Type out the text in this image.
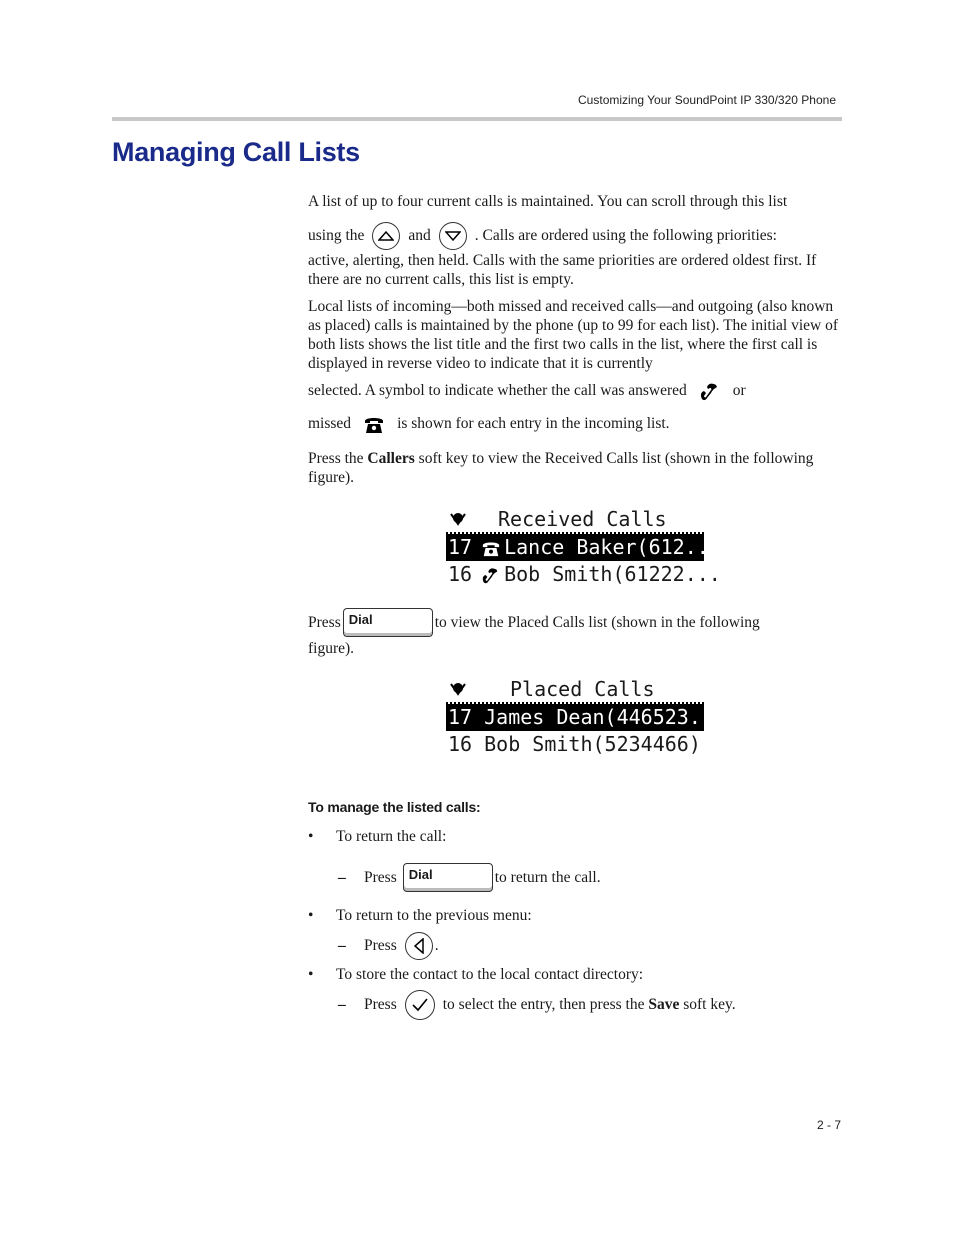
Customizing Your SoundPoint IP 330/320 Phone
Managing Call Lists
A list of up to four current calls is maintained. You can scroll through this list
using the	and	. Calls are ordered using the following priorities:
active, alerting, then held. Calls with the same priorities are ordered oldest first. If there are no current calls, this list is empty.
Local lists of incoming—both missed and received calls—and outgoing (also known as placed) calls is maintained by the phone (up to 99 for each list). The initial view of both lists shows the list title and the first two calls in the list, where the first call is displayed in reverse video to indicate that it is currently
selected. A symbol to indicate whether the call was answered	or
missed	is shown for each entry in the incoming list.
Press the Callers soft key to view the Received Calls list (shown in the following figure).
Received Calls
17 Lance Baker(612...
16 Bob Smith(61222...
Press Dial	to view the Placed Calls list (shown in the following
figure).
Placed Calls
17 James Dean(446523...
16 Bob Smith(5234466)
To manage the listed calls:
• To return the call:
–	Press Dial	to return the call.
• To return to the previous menu:
–	Press .
• To store the contact to the local contact directory:
–	Press	to select the entry, then press the
Save
soft key.
2 - 7
